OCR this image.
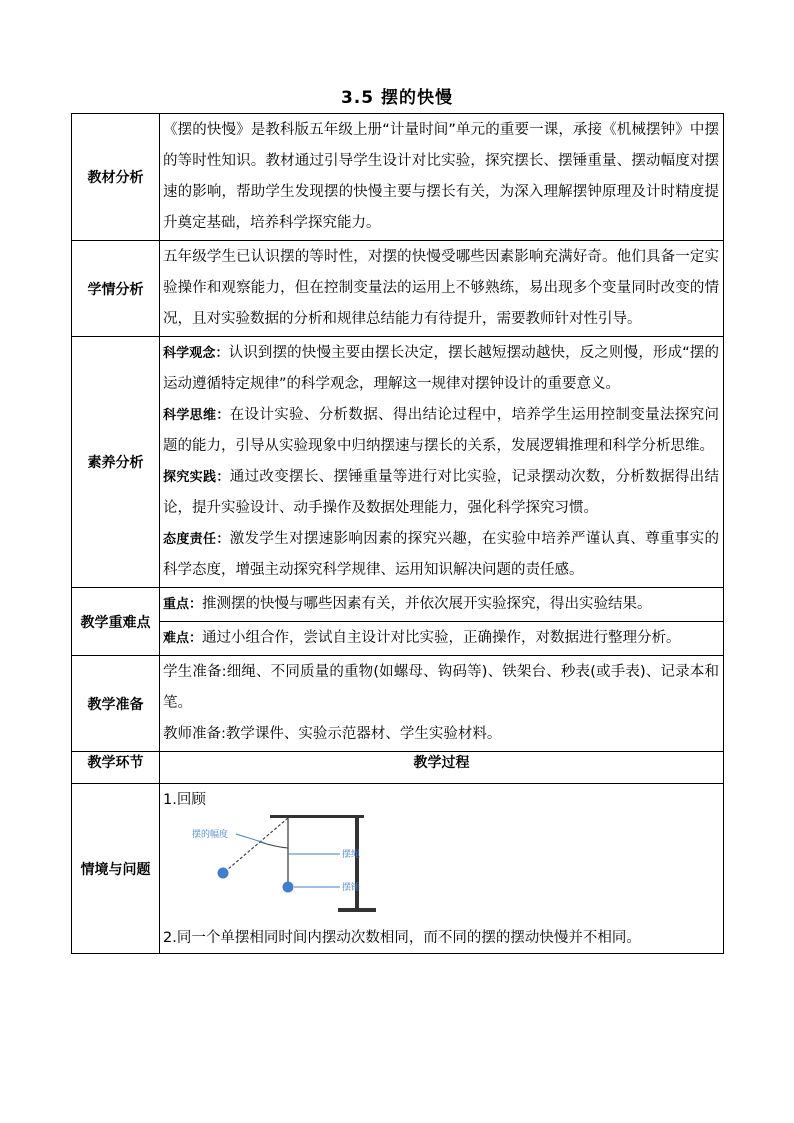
3.5 摆的快慢
教材分析	《摆的快慢》是教科版五年级上册“计量时间”单元的重要一课，承接《机械摆钟》中摆的等时性知识。教材通过引导学生设计对比实验，探究摆长、摆锤重量、摆动幅度对摆速的影响，帮助学生发现摆的快慢主要与摆长有关，为深入理解摆钟原理及计时精度提升奠定基础，培养科学探究能力。
学情分析	五年级学生已认识摆的等时性，对摆的快慢受哪些因素影响充满好奇。他们具备一定实验操作和观察能力，但在控制变量法的运用上不够熟练，易出现多个变量同时改变的情况，且对实验数据的分析和规律总结能力有待提升，需要教师针对性引导。
素养分析	科学观念：认识到摆的快慢主要由摆长决定，摆长越短摆动越快，反之则慢，形成“摆的运动遵循特定规律”的科学观念，理解这一规律对摆钟设计的重要意义。

科学思维：在设计实验、分析数据、得出结论过程中，培养学生运用控制变量法探究问题的能力，引导从实验现象中归纳摆速与摆长的关系，发展逻辑推理和科学分析思维。

探究实践：通过改变摆长、摆锤重量等进行对比实验，记录摆动次数，分析数据得出结论，提升实验设计、动手操作及数据处理能力，强化科学探究习惯。

态度责任：激发学生对摆速影响因素的探究兴趣，在实验中培养严谨认真、尊重事实的科学态度，增强主动探究科学规律、运用知识解决问题的责任感。

教学重难点	重点：推测摆的快慢与哪些因素有关，并依次展开实验探究，得出实验结果。
	难点：通过小组合作，尝试自主设计对比实验，正确操作，对数据进行整理分析。
教学准备	学生准备:细绳、不同质量的重物(如螺母、钩码等)、铁架台、秒表(或手表)、记录本和笔。

教师准备:教学课件、实验示范器材、学生实验材料。

教学环节	教学过程
情境与问题	1.回顾
摆的幅度
摆绳
摆锤
2.同一个单摆相同时间内摆动次数相同，而不同的摆的摆动快慢并不相同。
